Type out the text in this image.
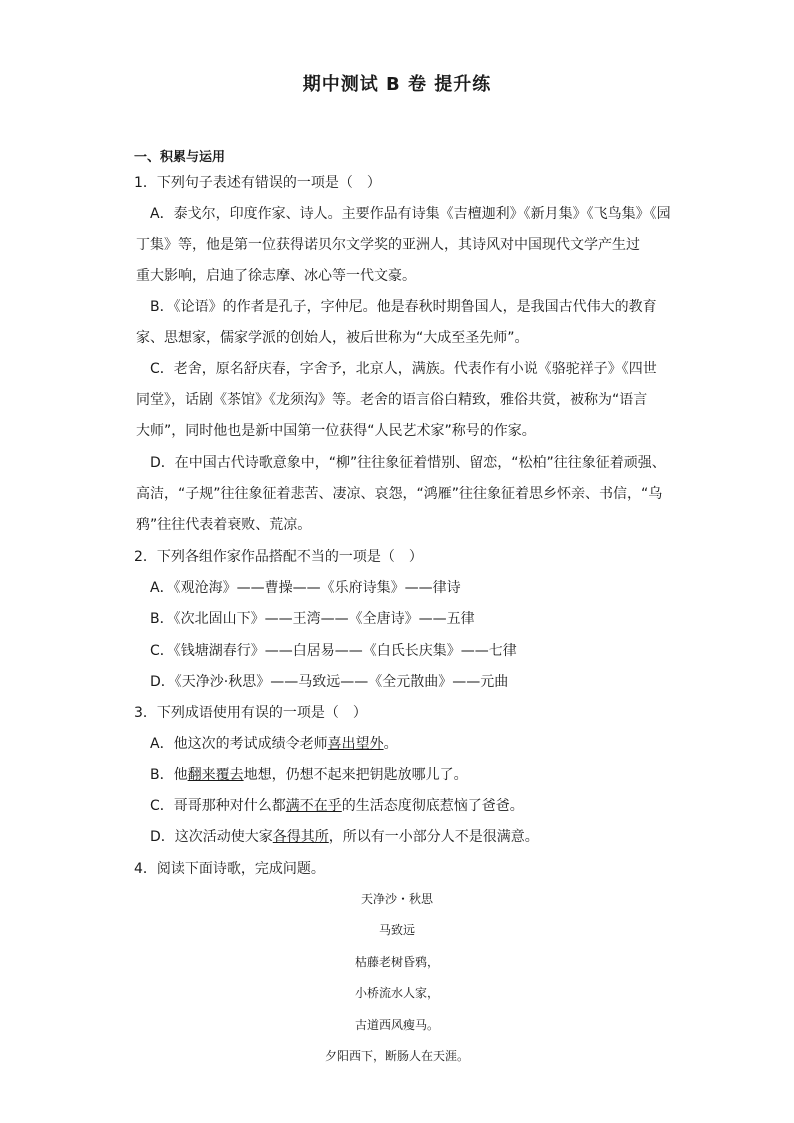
期中测试 B 卷 提升练
一、积累与运用
1．下列句子表述有错误的一项是（　）
A．泰戈尔，印度作家、诗人。主要作品有诗集《吉檀迦利》《新月集》《飞鸟集》《园
丁集》等，他是第一位获得诺贝尔文学奖的亚洲人，其诗风对中国现代文学产生过
重大影响，启迪了徐志摩、冰心等一代文豪。
B．《论语》的作者是孔子，字仲尼。他是春秋时期鲁国人，是我国古代伟大的教育
家、思想家，儒家学派的创始人，被后世称为“大成至圣先师”。
C．老舍，原名舒庆春，字舍予，北京人，满族。代表作有小说《骆驼祥子》《四世
同堂》，话剧《茶馆》《龙须沟》等。老舍的语言俗白精致，雅俗共赏，被称为“语言
大师”，同时他也是新中国第一位获得“人民艺术家”称号的作家。
D．在中国古代诗歌意象中，“柳”往往象征着惜别、留恋，“松柏”往往象征着顽强、
高洁，“子规”往往象征着悲苦、凄凉、哀怨，“鸿雁”往往象征着思乡怀亲、书信，“乌
鸦”往往代表着衰败、荒凉。
2．下列各组作家作品搭配不当的一项是（　）
A．《观沧海》——曹操——《乐府诗集》——律诗
B．《次北固山下》——王湾——《全唐诗》——五律
C．《钱塘湖春行》——白居易——《白氏长庆集》——七律
D．《天净沙·秋思》——马致远——《全元散曲》——元曲
3．下列成语使用有误的一项是（　）
A．他这次的考试成绩令老师喜出望外。
B．他翻来覆去地想，仍想不起来把钥匙放哪儿了。
C．哥哥那种对什么都满不在乎的生活态度彻底惹恼了爸爸。
D．这次活动使大家各得其所，所以有一小部分人不是很满意。
4．阅读下面诗歌，完成问题。
天净沙・秋思
马致远
枯藤老树昏鸦，
小桥流水人家，
古道西风瘦马。
夕阳西下，断肠人在天涯。
